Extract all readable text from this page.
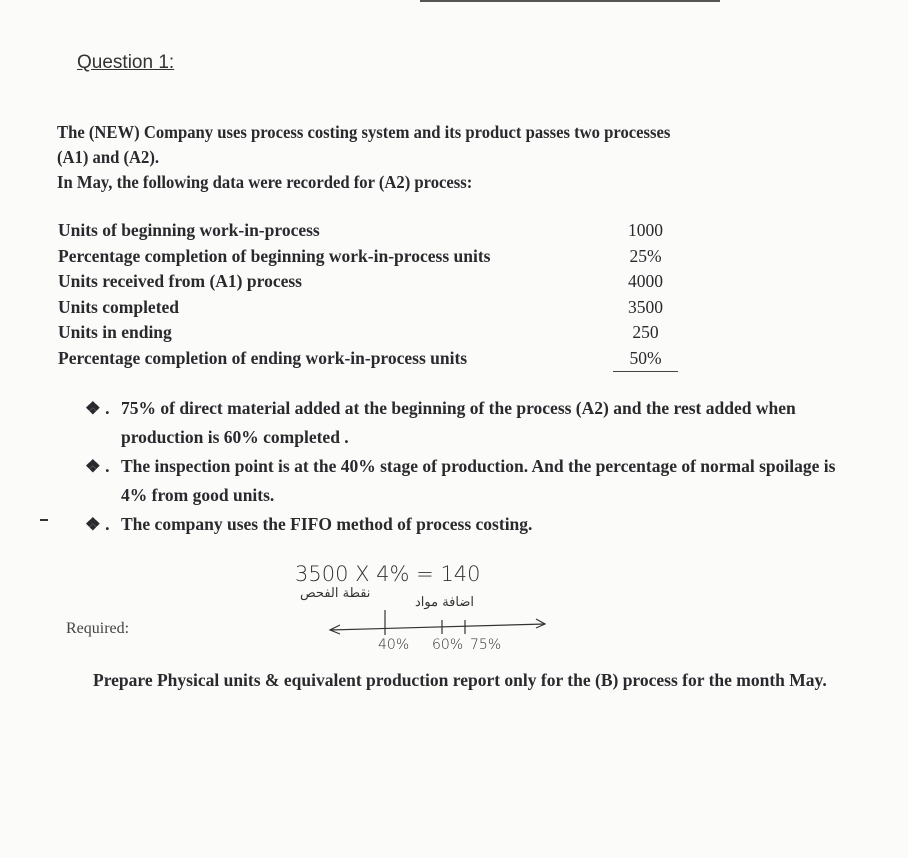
Question 1:
The (NEW) Company uses process costing system and its product passes two processes
(A1) and (A2).
In May, the following data were recorded for (A2) process:
Units of beginning work-in-process	1000
Percentage completion of beginning work-in-process units	25%
Units received from (A1) process	4000
Units completed	3500
Units in ending	250
Percentage completion of ending work-in-process units	50%
❖ . 75% of direct material added at the beginning of the process (A2) and the rest added when production is 60% completed .
❖ . The inspection point is at the 40% stage of production. And the percentage of normal spoilage is 4% from good units.
❖ . The company uses the FIFO method of process costing.
3500 X 4% = 140
نقطة الفحص
اضافة مواد
40% 60% 75%
Required:
Prepare Physical units & equivalent production report only for the (B) process for the month May.
